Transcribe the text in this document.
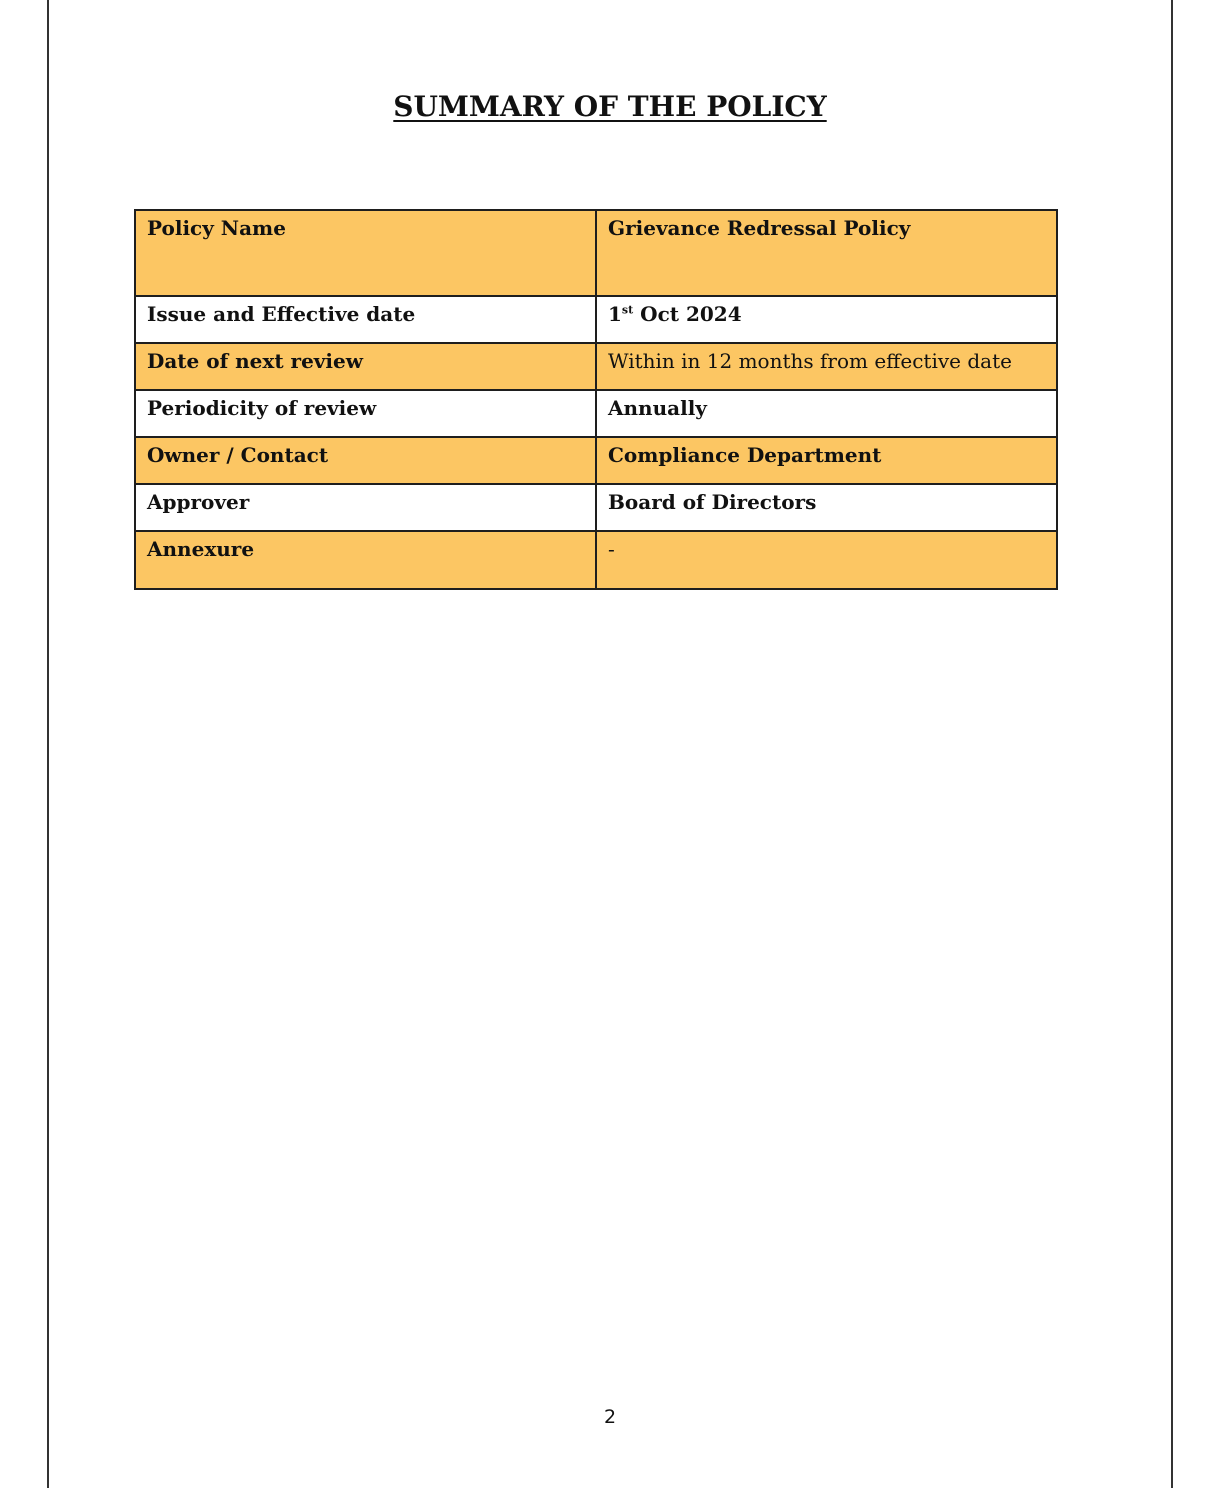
SUMMARY OF THE POLICY
Policy Name	Grievance Redressal Policy
Issue and Effective date	1st Oct 2024
Date of next review	Within in 12 months from effective date
Periodicity of review	Annually
Owner / Contact	Compliance Department
Approver	Board of Directors
Annexure	-
2
